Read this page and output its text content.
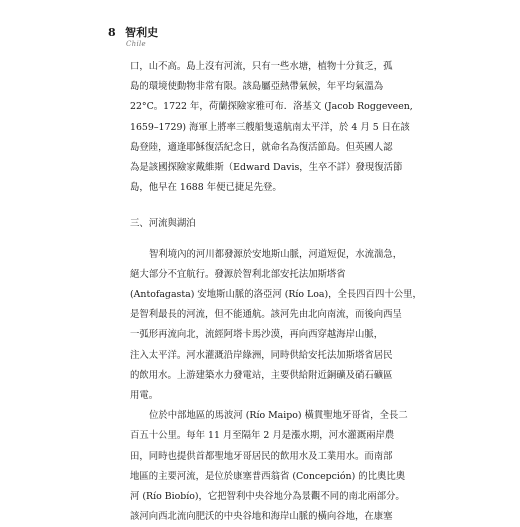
8 智利史
Chile
口，山不高。島上沒有河流，只有一些水塘，植物十分貧乏，孤
島的環境使動物非常有限。該島屬亞熱帶氣候，年平均氣溫為
22°C。1722 年，荷蘭探險家雅可布．洛基文 (Jacob Roggeveen,
1659–1729) 海軍上將率三艘船隻遠航南太平洋，於 4 月 5 日在該
島登陸，適逢耶穌復活紀念日，就命名為復活節島。但英國人認
為是該國探險家戴維斯（Edward Davis，生卒不詳）發現復活節
島，他早在 1688 年便已捷足先登。
三、河流與湖泊
智利境內的河川都發源於安地斯山脈，河道短促，水流湍急，
絕大部分不宜航行。發源於智利北部安托法加斯塔省
(Antofagasta) 安地斯山脈的洛亞河 (Río Loa)，全長四百四十公里，
是智利最長的河流，但不能通航。該河先由北向南流，而後向西呈
一弧形再流向北，流經阿塔卡馬沙漠，再向西穿越海岸山脈，
注入太平洋。河水灌溉沿岸綠洲，同時供給安托法加斯塔省居民
的飲用水。上游建築水力發電站，主要供給附近銅礦及硝石礦區
用電。
位於中部地區的馬波河 (Río Maipo) 橫貫聖地牙哥省，全長二
百五十公里。每年 11 月至隔年 2 月是漲水期，河水灌溉兩岸農
田，同時也提供首都聖地牙哥居民的飲用水及工業用水。而南部
地區的主要河流，是位於康塞普西翁省 (Concepción) 的比奧比奧
河 (Río Biobío)，它把智利中央谷地分為景觀不同的南北兩部分。
該河向西北流向肥沃的中央谷地和海岸山脈的橫向谷地，在康塞
